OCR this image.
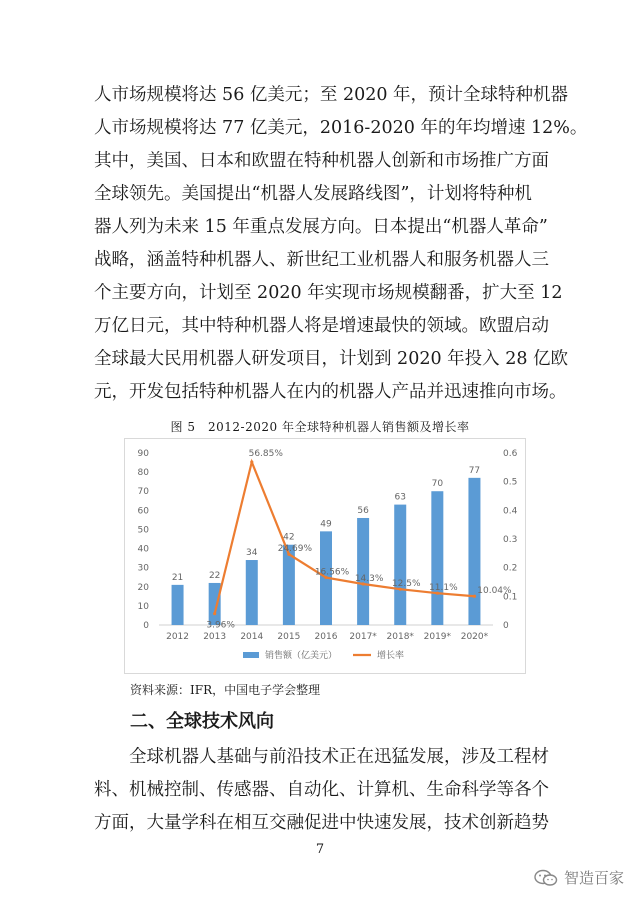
人市场规模将达 56 亿美元；至 2020 年，预计全球特种机器
人市场规模将达 77 亿美元，2016-2020 年的年均增速 12%。
其中，美国、日本和欧盟在特种机器人创新和市场推广方面
全球领先。美国提出“机器人发展路线图”，计划将特种机
器人列为未来 15 年重点发展方向。日本提出“机器人革命”
战略，涵盖特种机器人、新世纪工业机器人和服务机器人三
个主要方向，计划至 2020 年实现市场规模翻番，扩大至 12
万亿日元，其中特种机器人将是增速最快的领域。欧盟启动
全球最大民用机器人研发项目，计划到 2020 年投入 28 亿欧
元，开发包括特种机器人在内的机器人产品并迅速推向市场。
图 5　2012-2020 年全球特种机器人销售额及增长率
0
10
20
30
40
50
60
70
80
90
0
0.1
0.2
0.3
0.4
0.5
0.6
21	22
34
42
49
56
63
70
77
2012 2013 2014 2015 2016 2017* 2018* 2019* 2020*
3.96%
56.85%
24.69%
16.56%
14.3%
12.5% 11.1% 10.04%
销售额（亿美元）	增长率
资料来源：IFR，中国电子学会整理
二、全球技术风向
　　全球机器人基础与前沿技术正在迅猛发展，涉及工程材
料、机械控制、传感器、自动化、计算机、生命科学等各个
方面，大量学科在相互交融促进中快速发展，技术创新趋势
7
智造百家
